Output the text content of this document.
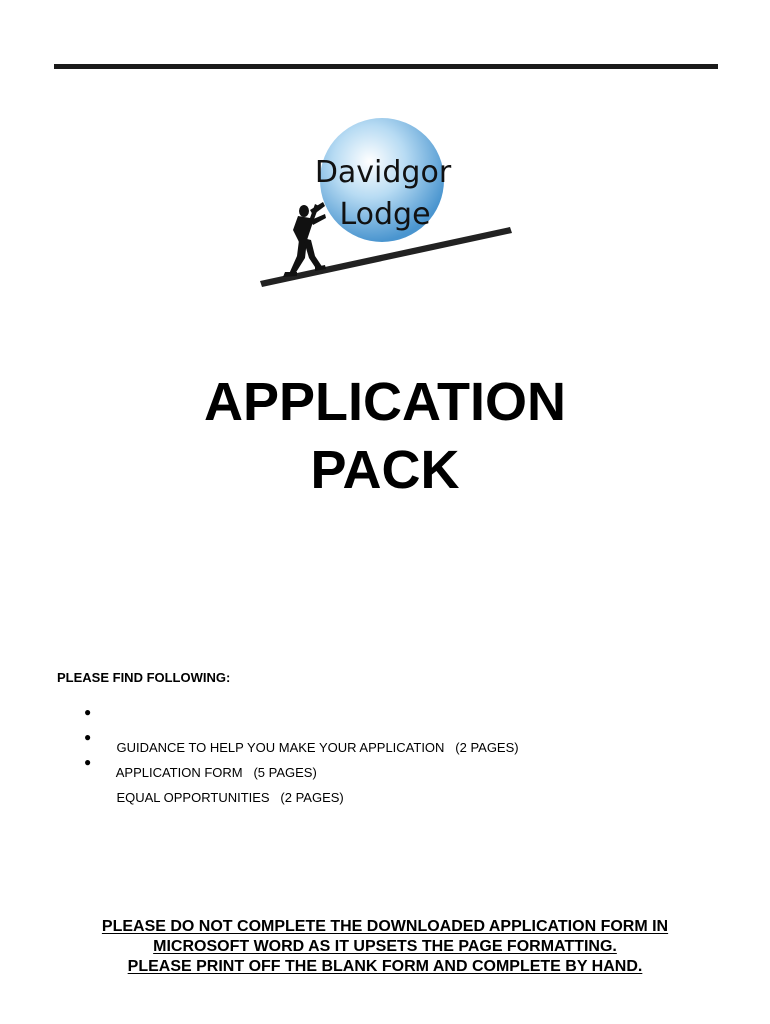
Davidgor
Lodge
APPLICATION
PACK
PLEASE FIND FOLLOWING:

●

GUIDANCE TO HELP YOU MAKE YOUR APPLICATION   (2 PAGES)

●

APPLICATION FORM   (5 PAGES)

●

EQUAL OPPORTUNITIES   (2 PAGES)

PLEASE DO NOT COMPLETE THE DOWNLOADED APPLICATION FORM IN
MICROSOFT WORD AS IT UPSETS THE PAGE FORMATTING.
PLEASE PRINT OFF THE BLANK FORM AND COMPLETE BY HAND.
